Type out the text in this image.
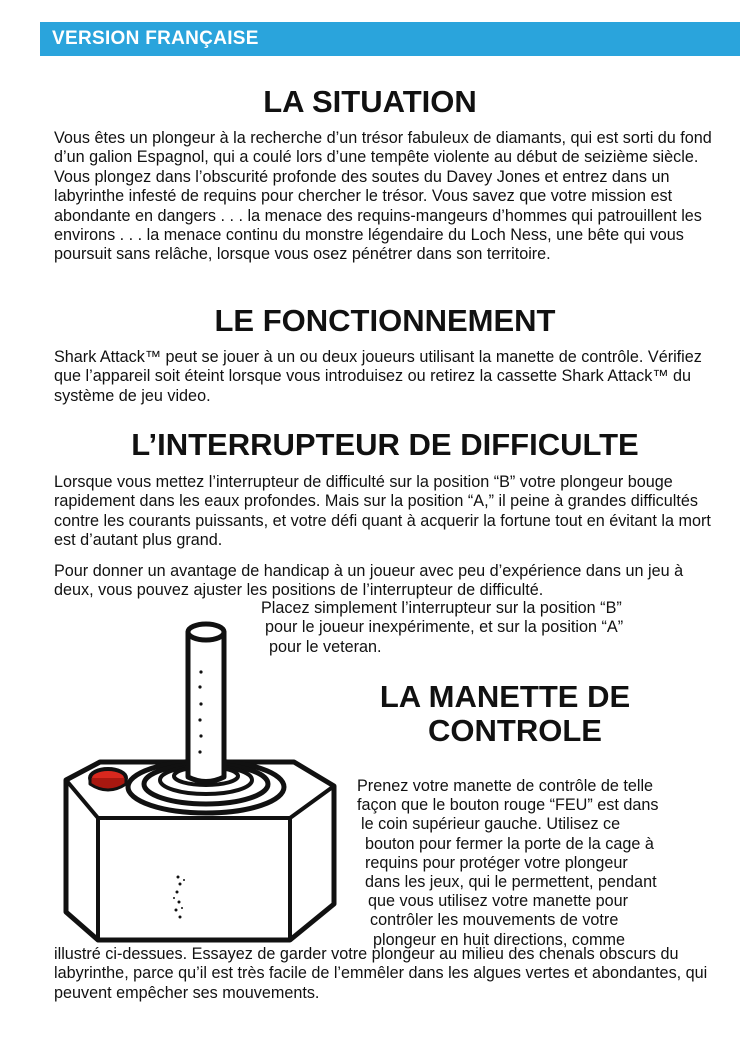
VERSION FRANÇAISE
LA SITUATION

Vous êtes un plongeur à la recherche d’un trésor fabuleux de diamants, qui est sorti du fond d’un galion Espagnol, qui a coulé lors d’une tempête violente au début de seizième siècle. Vous plongez dans l’obscurité profonde des soutes du Davey Jones et entrez dans un labyrinthe infesté de requins pour chercher le trésor. Vous savez que votre mission est abondante en dangers . . . la menace des requins-mangeurs d’hommes qui patrouillent les environs . . . la menace continu du monstre légendaire du Loch Ness, une bête qui vous poursuit sans relâche, lorsque vous osez pénétrer dans son territoire.

LE FONCTIONNEMENT

Shark Attack™ peut se jouer à un ou deux joueurs utilisant la manette de contrôle. Vérifiez que l’appareil soit éteint lorsque vous introduisez ou retirez la cassette Shark Attack™ du système de jeu video.

L’INTERRUPTEUR DE DIFFICULTE

Lorsque vous mettez l’interrupteur de difficulté sur la position “B” votre plongeur bouge rapidement dans les eaux profondes. Mais sur la position “A,” il peine à grandes difficultés contre les courants puissants, et votre défi quant à acquerir la fortune tout en évitant la mort est d’autant plus grand.

Pour donner un avantage de handicap à un joueur avec peu d’expérience dans un jeu à deux, vous pouvez ajuster les positions de l’interrupteur de difficulté.

Placez simplement l’interrupteur sur la position “B”
pour le joueur inexpérimente, et sur la position “A”
pour le veteran.
LA MANETTE DE
CONTROLE
Prenez votre manette de contrôle de telle
façon que le bouton rouge “FEU” est dans
le coin supérieur gauche. Utilisez ce
bouton pour fermer la porte de la cage à
requins pour protéger votre plongeur
dans les jeux, qui le permettent, pendant
que vous utilisez votre manette pour
contrôler les mouvements de votre
plongeur en huit directions, comme

illustré ci-dessues. Essayez de garder votre plongeur au milieu des chenals obscurs du labyrinthe, parce qu’il est très facile de l’emmêler dans les algues vertes et abondantes, qui peuvent empêcher ses mouvements.
